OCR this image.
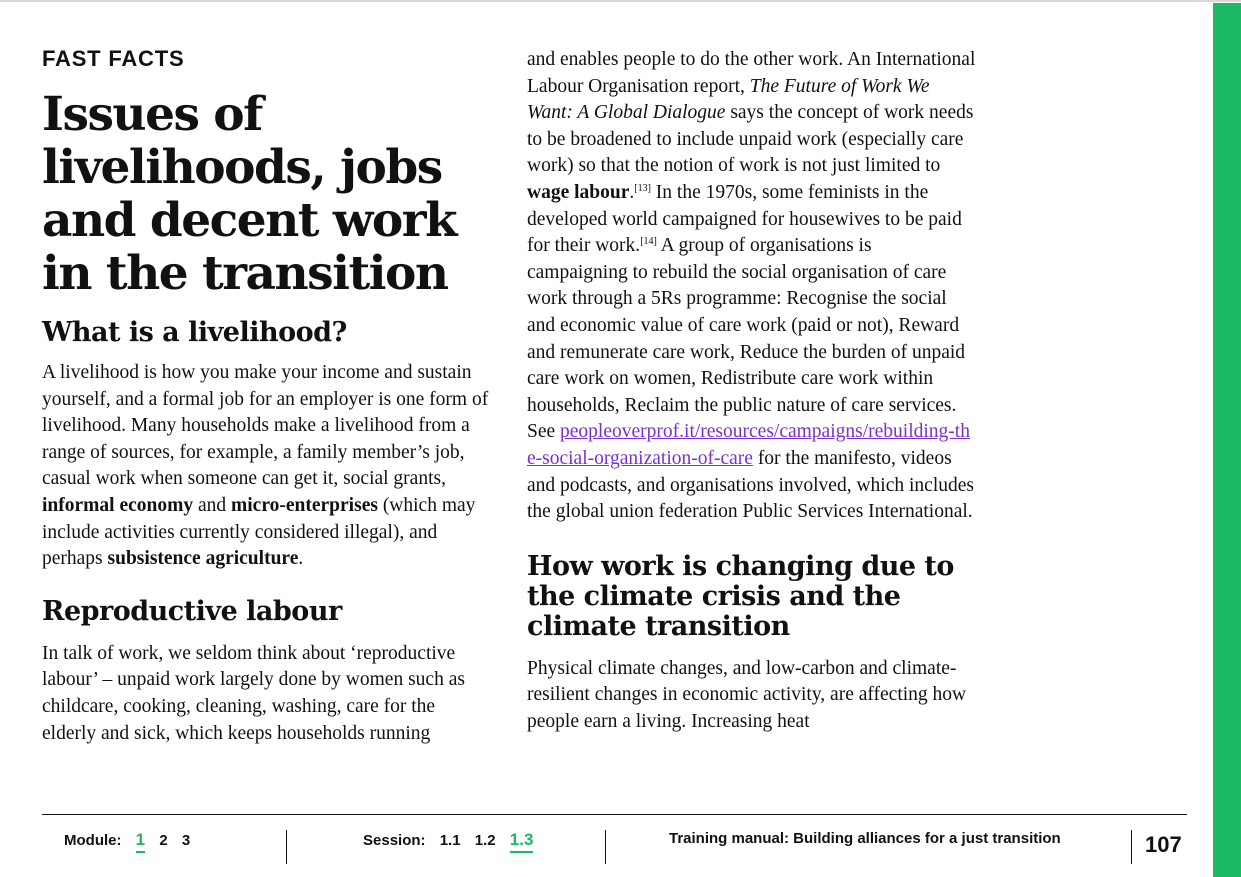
FAST FACTS
Issues of
livelihoods, jobs
and decent work
in the transition
What is a livelihood?

A livelihood is how you make your income and sustain yourself, and a formal job for an employer is one form of livelihood. Many households make a livelihood from a range of sources, for example, a family member’s job, casual work when someone can get it, social grants, informal economy and micro-enterprises (which may include activities currently considered illegal), and perhaps subsistence agriculture.

Reproductive labour

In talk of work, we seldom think about ‘reproductive labour’ – unpaid work largely done by women such as childcare, cooking, cleaning, washing, care for the elderly and sick, which keeps households running

and enables people to do the other work. An International Labour Organisation report, The Future of Work We Want: A Global Dialogue says the concept of work needs to be broadened to include unpaid work (especially care work) so that the notion of work is not just limited to wage labour.[13] In the 1970s, some feminists in the developed world campaigned for housewives to be paid for their work.[14] A group of organisations is campaigning to rebuild the social organisation of care work through a 5Rs programme: Recognise the social and economic value of care work (paid or not), Reward and remunerate care work, Reduce the burden of unpaid care work on women, Redistribute care work within households, Reclaim the public nature of care services. See peopleoverprof.it/resources/campaigns/rebuilding-the-social-organization-of-care for the manifesto, videos and podcasts, and organisations involved, which includes the global union federation Public Services International.

How work is changing due to the climate crisis and the climate transition

Physical climate changes, and low-carbon and climate-resilient changes in economic activity, are affecting how people earn a living. Increasing heat

Module: 1 2 3	Session: 1.1 1.2 1.3	Training manual: Building alliances for a just transition	107
